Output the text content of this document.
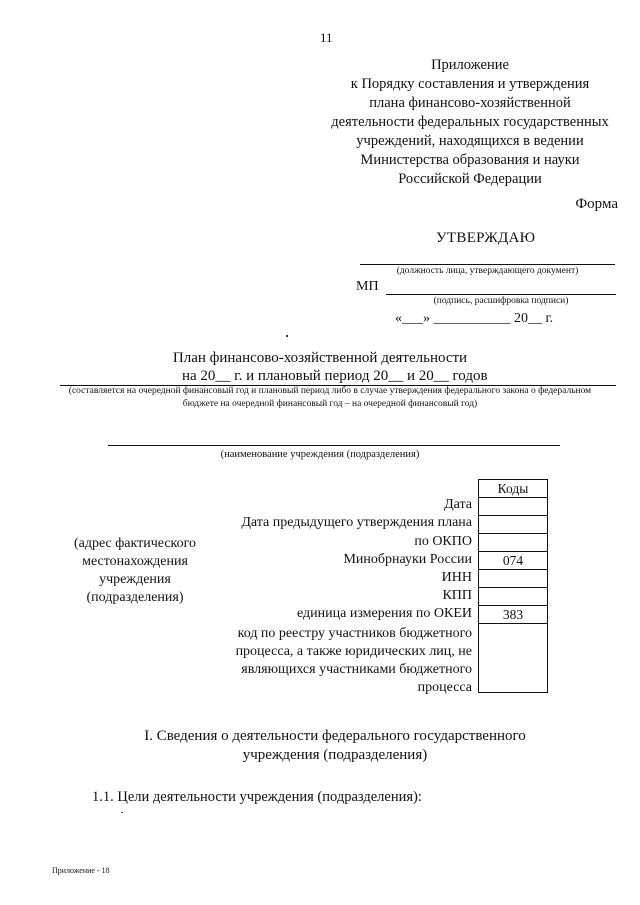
11
Приложение
к Порядку составления и утверждения
плана финансово-хозяйственной
деятельности федеральных государственных
учреждений, находящихся в ведении
Министерства образования и науки
Российской Федерации
Форма
УТВЕРЖДАЮ
(должность лица, утверждающего документ)
МП
(подпись, расшифровка подписи)
«___» ___________ 20__ г.
План финансово-хозяйственной деятельности
на 20__ г. и плановый период 20__ и 20__ годов
(составляется на очередной финансовый год и плановый период либо в случае утверждения федерального закона о федеральном бюджете на очередной финансовый год – на очередной финансовый год)
(наименование учреждения (подразделения)
(адрес фактического местонахождения учреждения (подразделения)
Дата
Дата предыдущего утверждения плана
по ОКПО
Минобрнауки России
ИНН
КПП
единица измерения по ОКЕИ
код по реестру участников бюджетного процесса, а также юридических лиц, не являющихся участниками бюджетного процесса
Коды
074
383
I. Сведения о деятельности федерального государственного
учреждения (подразделения)
1.1. Цели деятельности учреждения (подразделения):
Приложение - 18
